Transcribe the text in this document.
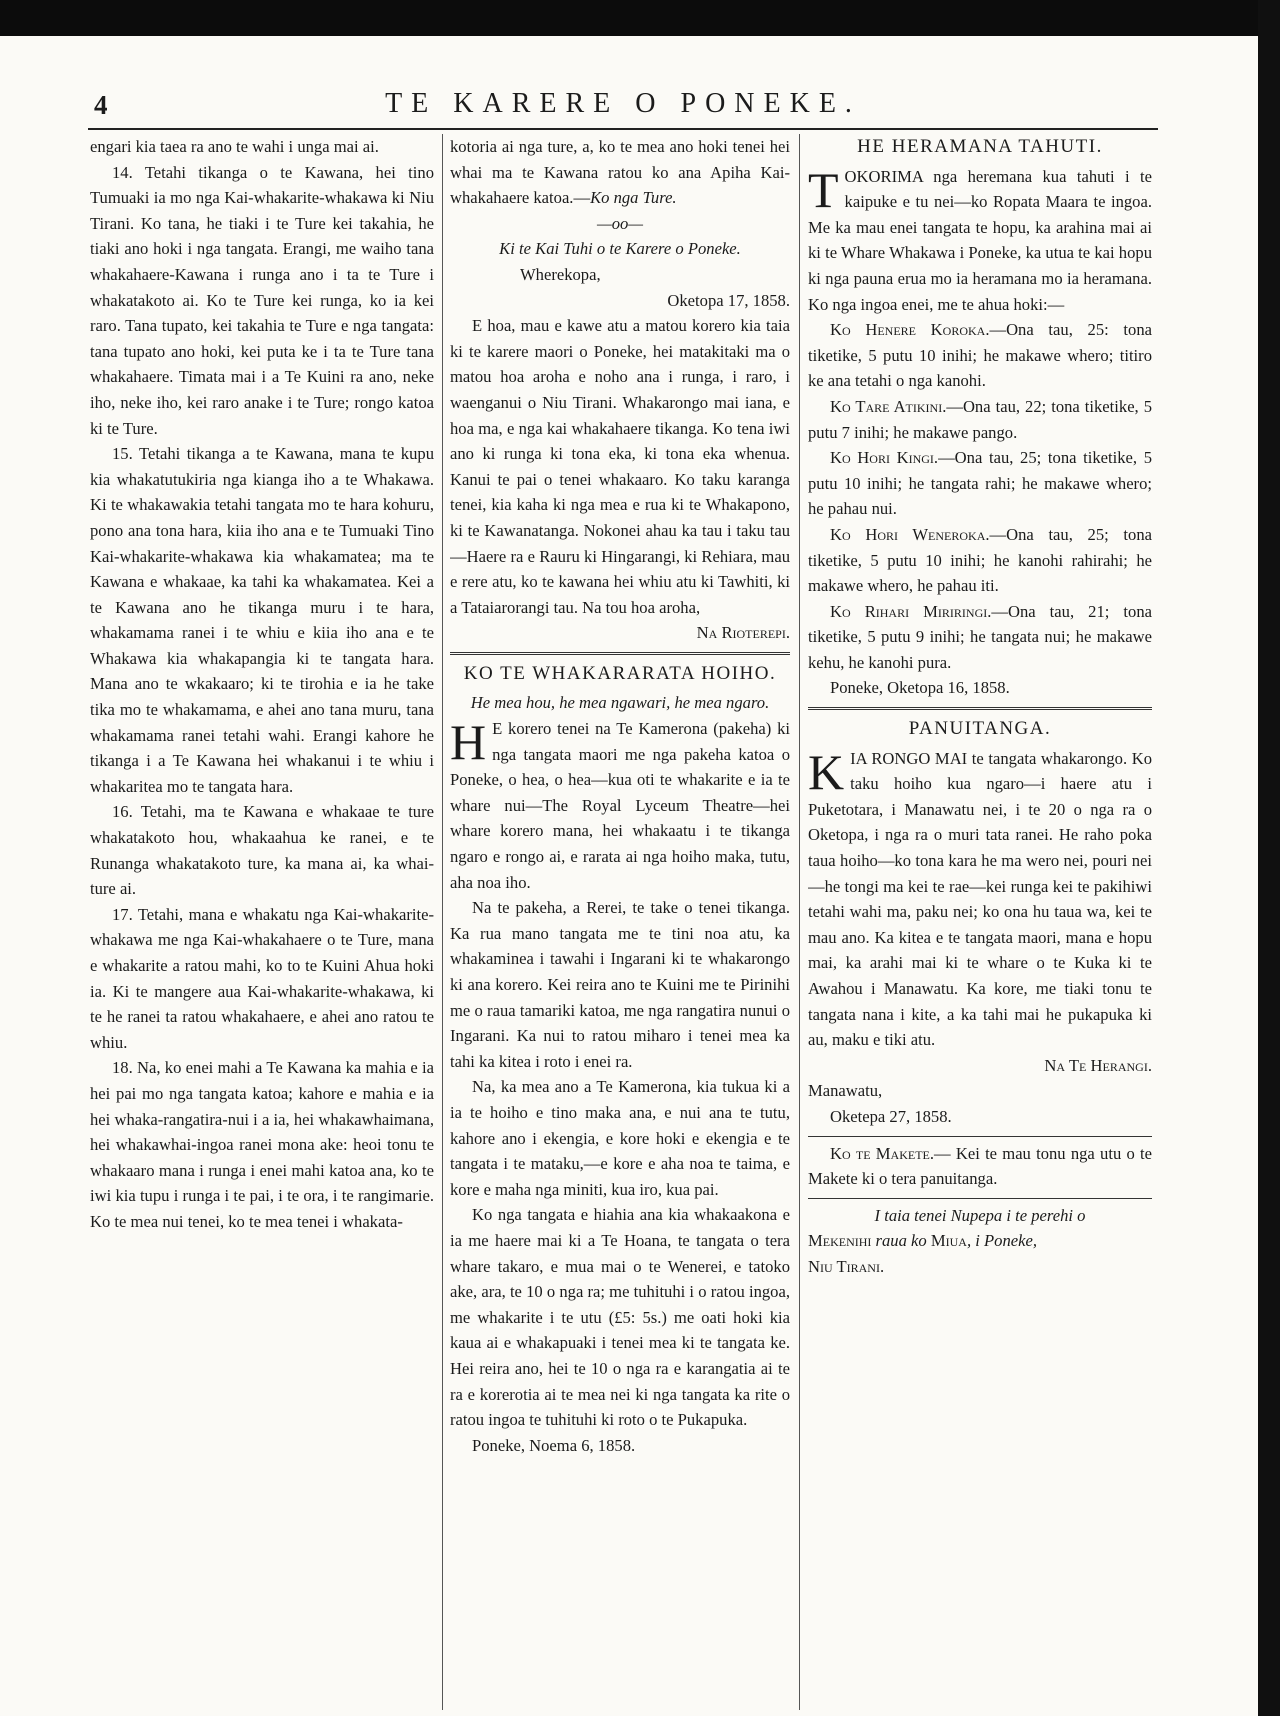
4	TE KARERE O PONEKE.

engari kia taea ra ano te wahi i unga mai ai.

14. Tetahi tikanga o te Kawana, hei tino Tumuaki ia mo nga Kai-whakarite-whakawa ki Niu Tirani. Ko tana, he tiaki i te Ture kei takahia, he tiaki ano hoki i nga tangata. Erangi, me waiho tana whakahaere-Kawana i runga ano i ta te Ture i whakatakoto ai. Ko te Ture kei runga, ko ia kei raro. Tana tupato, kei takahia te Ture e nga tangata: tana tupato ano hoki, kei puta ke i ta te Ture tana whakahaere. Timata mai i a Te Kuini ra ano, neke iho, neke iho, kei raro anake i te Ture; rongo katoa ki te Ture.

15. Tetahi tikanga a te Kawana, mana te kupu kia whakatutukiria nga kianga iho a te Whakawa. Ki te whakawakia tetahi tangata mo te hara kohuru, pono ana tona hara, kiia iho ana e te Tumuaki Tino Kai-whakarite-whakawa kia whakamatea; ma te Kawana e whakaae, ka tahi ka whakamatea. Kei a te Kawana ano he tikanga muru i te hara, whakamama ranei i te whiu e kiia iho ana e te Whakawa kia whakapangia ki te tangata hara. Mana ano te wkakaaro; ki te tirohia e ia he take tika mo te whakamama, e ahei ano tana muru, tana whakamama ranei tetahi wahi. Erangi kahore he tikanga i a Te Kawana hei whakanui i te whiu i whakaritea mo te tangata hara.

16. Tetahi, ma te Kawana e whakaae te ture whakatakoto hou, whakaahua ke ranei, e te Runanga whakatakoto ture, ka mana ai, ka whai-ture ai.

17. Tetahi, mana e whakatu nga Kai-whakarite-whakawa me nga Kai-whakahaere o te Ture, mana e whakarite a ratou mahi, ko to te Kuini Ahua hoki ia. Ki te mangere aua Kai-whakarite-whakawa, ki te he ranei ta ratou whakahaere, e ahei ano ratou te whiu.

18. Na, ko enei mahi a Te Kawana ka mahia e ia hei pai mo nga tangata katoa; kahore e mahia e ia hei whaka-rangatira-nui i a ia, hei whakawhaimana, hei whakawhai-ingoa ranei mona ake: heoi tonu te whakaaro mana i runga i enei mahi katoa ana, ko te iwi kia tupu i runga i te pai, i te ora, i te rangimarie. Ko te mea nui tenei, ko te mea tenei i whakata-

kotoria ai nga ture, a, ko te mea ano hoki tenei hei whai ma te Kawana ratou ko ana Apiha Kai-whakahaere katoa.—Ko nga Ture.

—oo—

Ki te Kai Tuhi o te Karere o Poneke.

Wherekopa,

Oketopa 17, 1858.

E hoa, mau e kawe atu a matou korero kia taia ki te karere maori o Poneke, hei matakitaki ma o matou hoa aroha e noho ana i runga, i raro, i waenganui o Niu Tirani. Whakarongo mai iana, e hoa ma, e nga kai whakahaere tikanga. Ko tena iwi ano ki runga ki tona eka, ki tona eka whenua. Kanui te pai o tenei whakaaro. Ko taku karanga tenei, kia kaha ki nga mea e rua ki te Whakapono, ki te Kawanatanga. Nokonei ahau ka tau i taku tau—Haere ra e Rauru ki Hingarangi, ki Rehiara, mau e rere atu, ko te kawana hei whiu atu ki Tawhiti, ki a Tataiarorangi tau. Na tou hoa aroha,

Na Rioterepi.

KO TE WHAKARARATA HOIHO.

He mea hou, he mea ngawari, he mea ngaro.

H E korero tenei na Te Kamerona (pakeha) ki nga tangata maori me nga pakeha katoa o Poneke, o hea, o hea—kua oti te whakarite e ia te whare nui—The Royal Lyceum Theatre—hei whare korero mana, hei whakaatu i te tikanga ngaro e rongo ai, e rarata ai nga hoiho maka, tutu, aha noa iho.

Na te pakeha, a Rerei, te take o tenei tikanga. Ka rua mano tangata me te tini noa atu, ka whakaminea i tawahi i Ingarani ki te whakarongo ki ana korero. Kei reira ano te Kuini me te Pirinihi me o raua tamariki katoa, me nga rangatira nunui o Ingarani. Ka nui to ratou miharo i tenei mea ka tahi ka kitea i roto i enei ra.

Na, ka mea ano a Te Kamerona, kia tukua ki a ia te hoiho e tino maka ana, e nui ana te tutu, kahore ano i ekengia, e kore hoki e ekengia e te tangata i te mataku,—e kore e aha noa te taima, e kore e maha nga miniti, kua iro, kua pai.

Ko nga tangata e hiahia ana kia whakaakona e ia me haere mai ki a Te Hoana, te tangata o tera whare takaro, e mua mai o te Wenerei, e tatoko ake, ara, te 10 o nga ra; me tuhituhi i o ratou ingoa, me whakarite i te utu (£5: 5s.) me oati hoki kia kaua ai e whakapuaki i tenei mea ki te tangata ke. Hei reira ano, hei te 10 o nga ra e karangatia ai te ra e korerotia ai te mea nei ki nga tangata ka rite o ratou ingoa te tuhituhi ki roto o te Pukapuka.

Poneke, Noema 6, 1858.

HE HERAMANA TAHUTI.

TOKORIMA nga heremana kua tahuti i te kaipuke e tu nei—ko Ropata Maara te ingoa. Me ka mau enei tangata te hopu, ka arahina mai ai ki te Whare Whakawa i Poneke, ka utua te kai hopu ki nga pauna erua mo ia heramana mo ia heramana. Ko nga ingoa enei, me te ahua hoki:—

Ko Henere Koroka.—Ona tau, 25: tona tiketike, 5 putu 10 inihi; he makawe whero; titiro ke ana tetahi o nga kanohi.

Ko Tare Atikini.—Ona tau, 22; tona tiketike, 5 putu 7 inihi; he makawe pango.

Ko Hori Kingi.—Ona tau, 25; tona tiketike, 5 putu 10 inihi; he tangata rahi; he makawe whero; he pahau nui.

Ko Hori Weneroka.—Ona tau, 25; tona tiketike, 5 putu 10 inihi; he kanohi rahirahi; he makawe whero, he pahau iti.

Ko Rihari Miriringi.—Ona tau, 21; tona tiketike, 5 putu 9 inihi; he tangata nui; he makawe kehu, he kanohi pura.

Poneke, Oketopa 16, 1858.

PANUITANGA.

KIA RONGO MAI te tangata whakarongo. Ko taku hoiho kua ngaro—i haere atu i Puketotara, i Manawatu nei, i te 20 o nga ra o Oketopa, i nga ra o muri tata ranei. He raho poka taua hoiho—ko tona kara he ma wero nei, pouri nei—he tongi ma kei te rae—kei runga kei te pakihiwi tetahi wahi ma, paku nei; ko ona hu taua wa, kei te mau ano. Ka kitea e te tangata maori, mana e hopu mai, ka arahi mai ki te whare o te Kuka ki te Awahou i Manawatu. Ka kore, me tiaki tonu te tangata nana i kite, a ka tahi mai he pukapuka ki au, maku e tiki atu.

Na Te Herangi.

Manawatu,

Oketepa 27, 1858.

Ko te Makete.— Kei te mau tonu nga utu o te Makete ki o tera panuitanga.

I taia tenei Nupepa i te perehi o

Mekenihi raua ko Miua, i Poneke,

Niu Tirani.
